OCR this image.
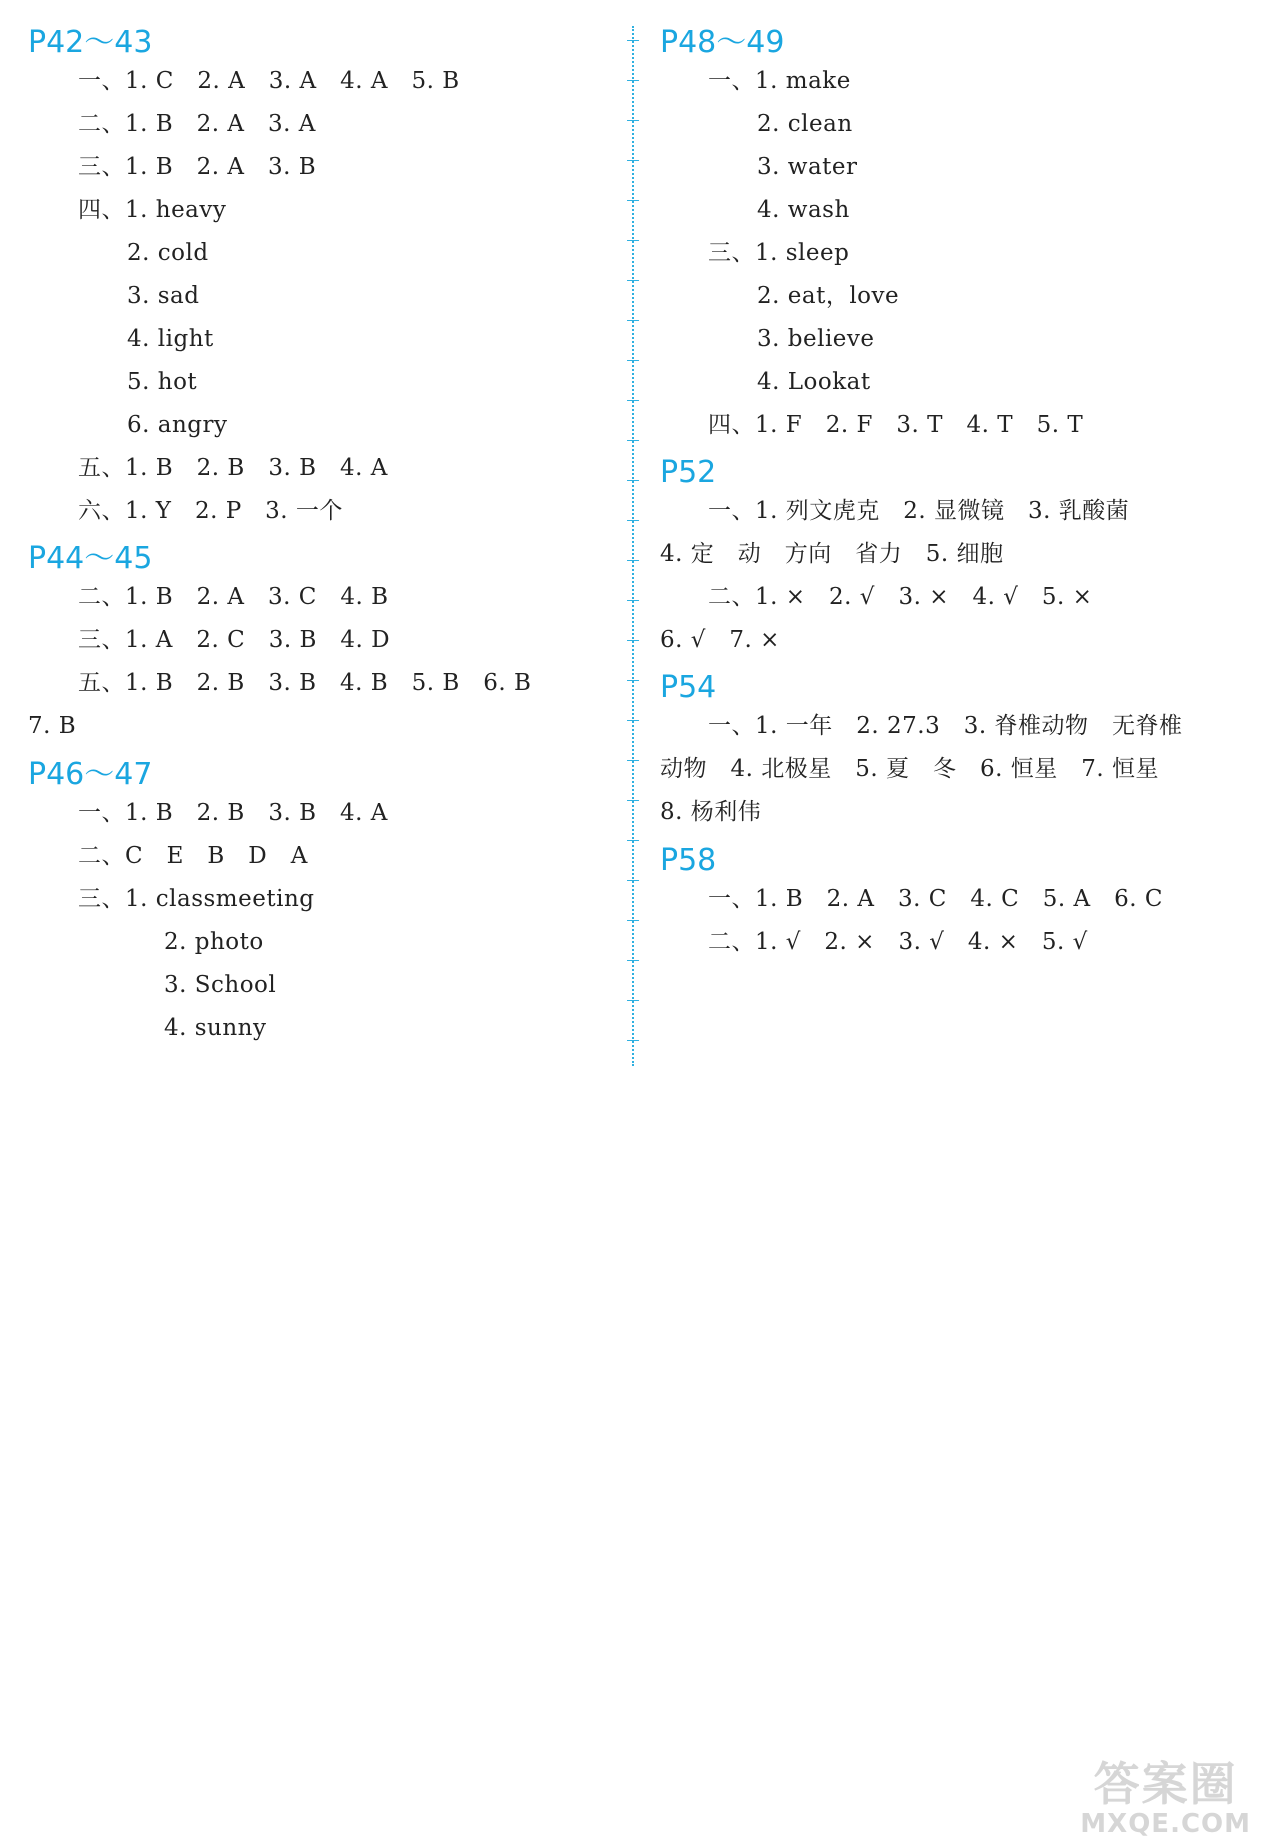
P42～43
一、1. C　2. A　3. A　4. A　5. B
二、1. B　2. A　3. A
三、1. B　2. A　3. B
四、1. heavy
2. cold
3. sad
4. light
5. hot
6. angry
五、1. B　2. B　3. B　4. A
六、1. Y　2. P　3. 一个
P44～45
二、1. B　2. A　3. C　4. B
三、1. A　2. C　3. B　4. D
五、1. B　2. B　3. B　4. B　5. B　6. B
7. B
P46～47
一、1. B　2. B　3. B　4. A
二、C　E　B　D　A
三、1. classmeeting
2. photo
3. School
4. sunny
P48～49
一、1. make
2. clean
3. water
4. wash
三、1. sleep
2. eat，love
3. believe
4. Lookat
四、1. F　2. F　3. T　4. T　5. T
P52
一、1. 列文虎克　2. 显微镜　3. 乳酸菌
4. 定　动　方向　省力　5. 细胞
二、1. ×　2. √　3. ×　4. √　5. ×
6. √　7. ×
P54
一、1. 一年　2. 27.3　3. 脊椎动物　无脊椎
动物　4. 北极星　5. 夏　冬　6. 恒星　7. 恒星
8. 杨利伟
P58
一、1. B　2. A　3. C　4. C　5. A　6. C
二、1. √　2. ×　3. √　4. ×　5. √
答案圈
MXQE.COM
